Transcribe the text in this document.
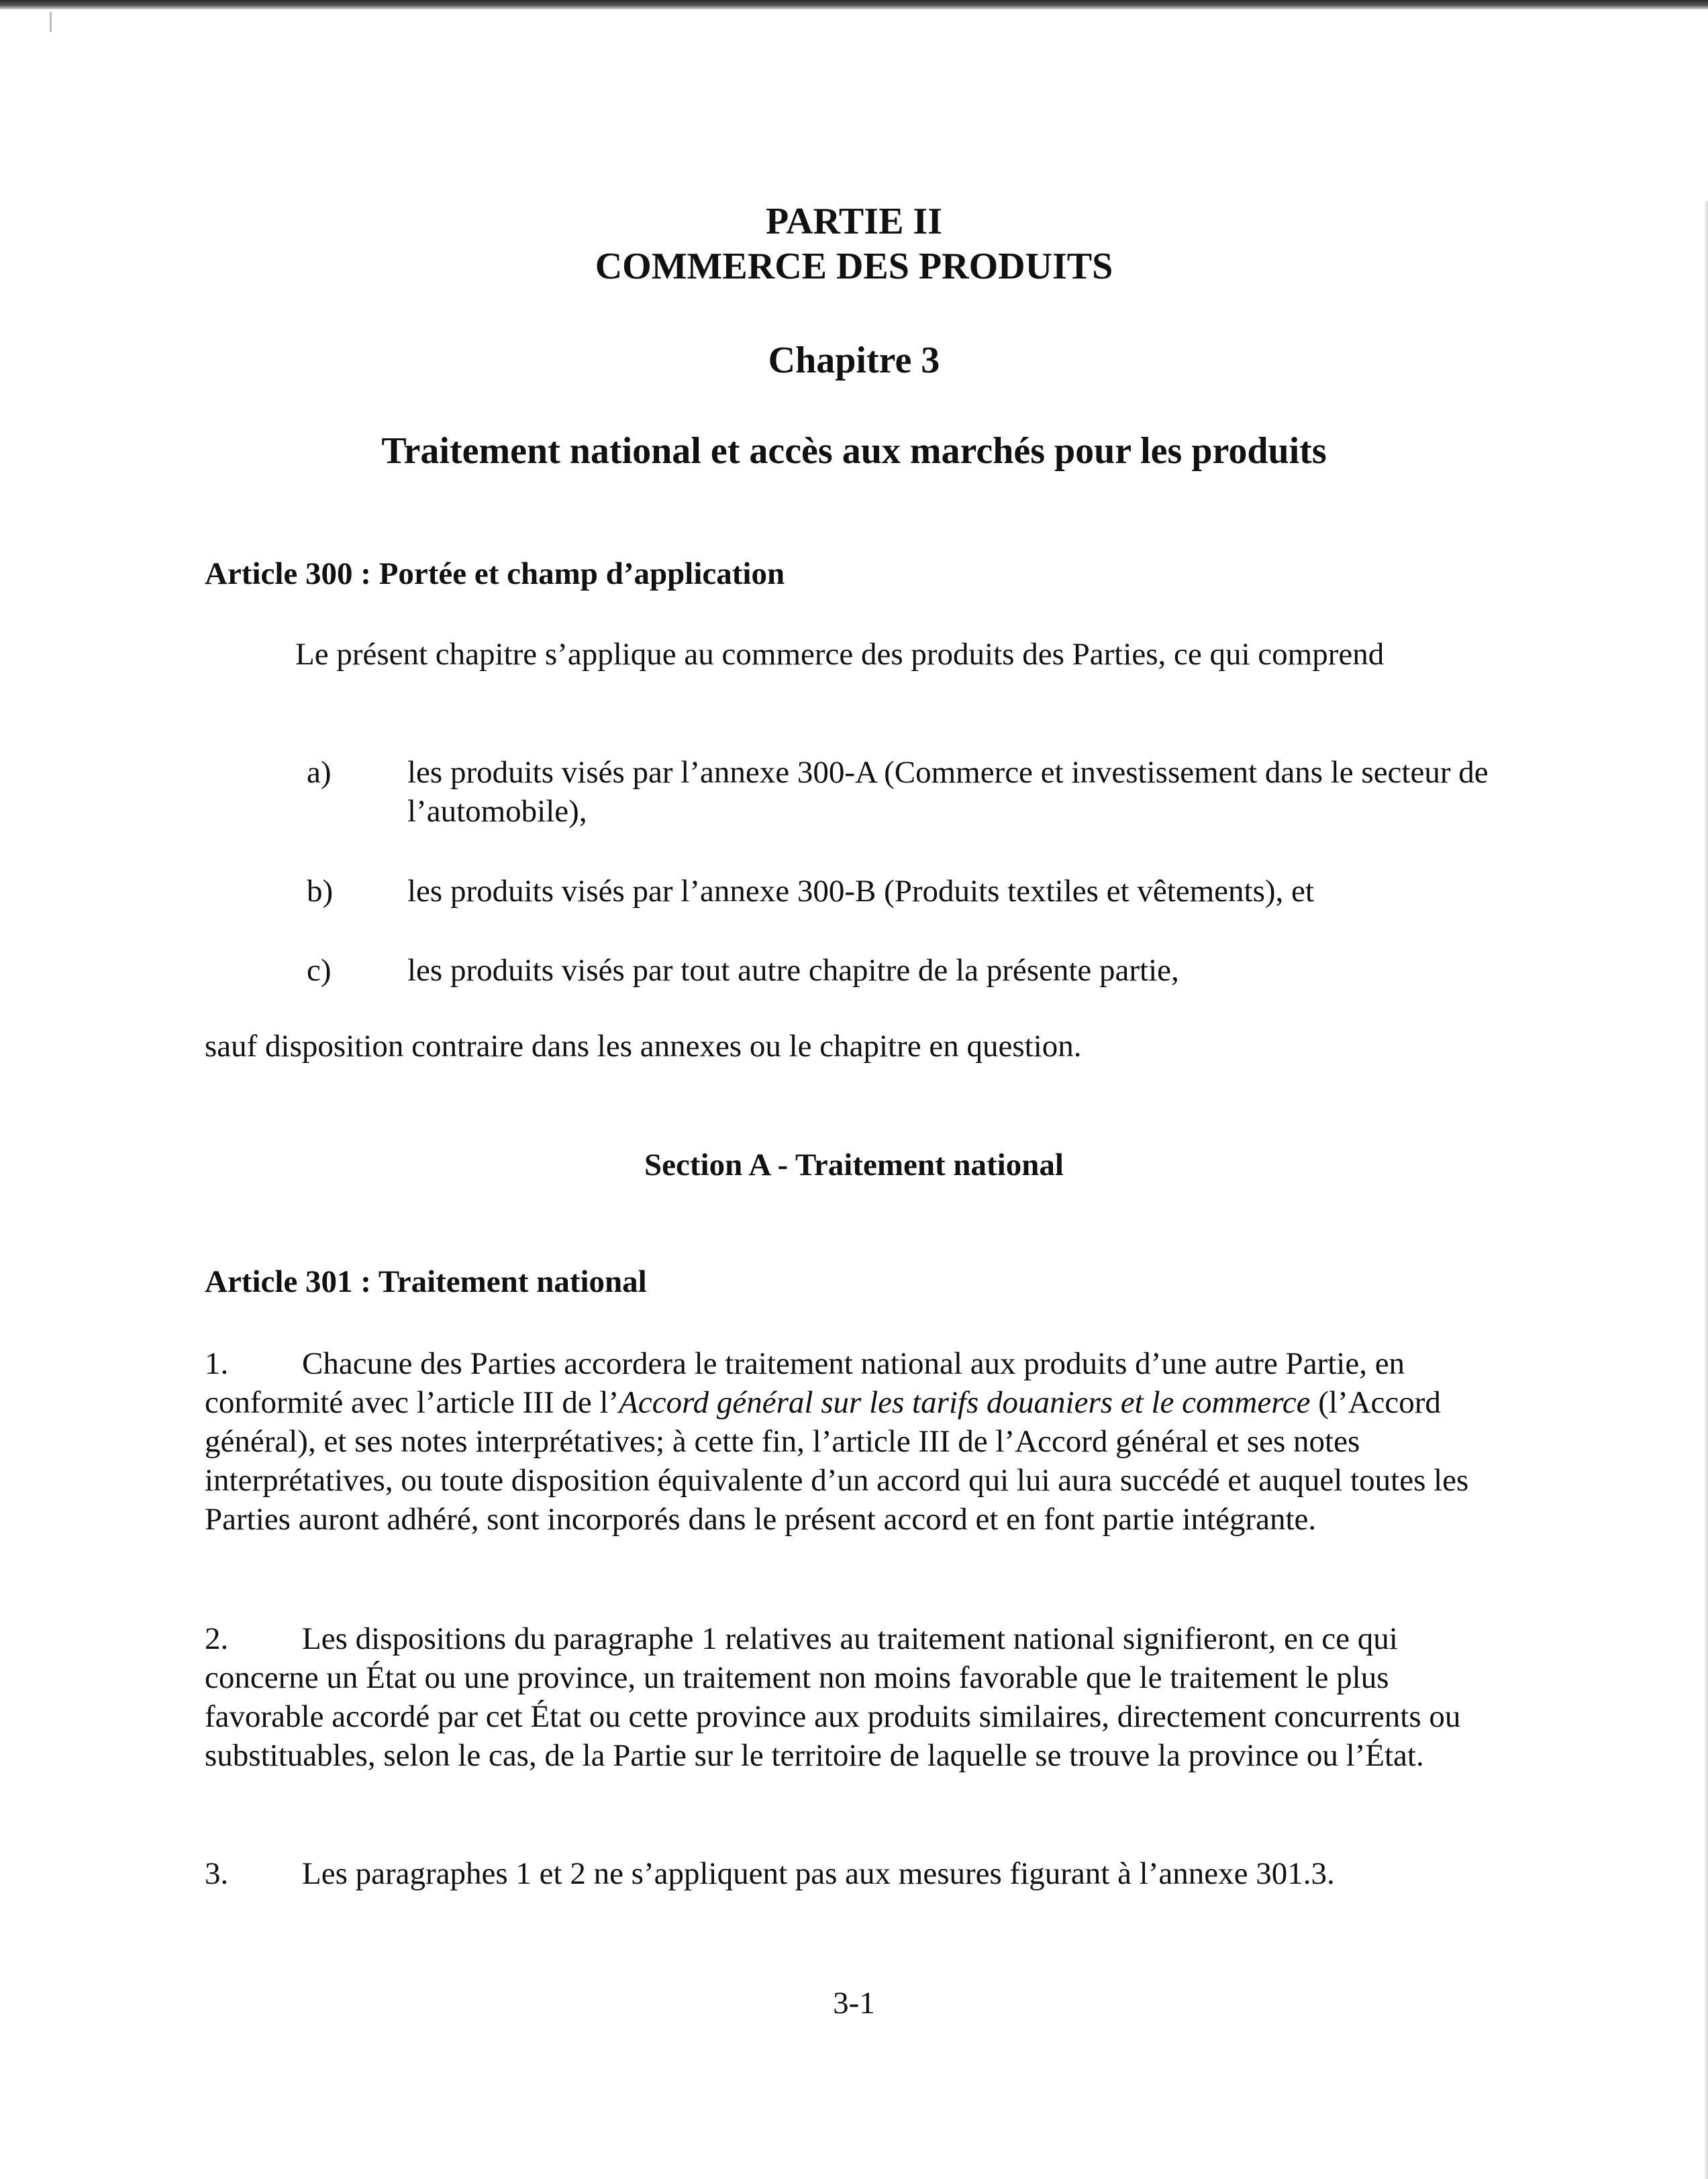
PARTIE II
COMMERCE DES PRODUITS
Chapitre 3
Traitement national et accès aux marchés pour les produits
Article 300 : Portée et champ d’application

Le présent chapitre s’applique au commerce des produits des Parties, ce qui comprend

a) les produits visés par l’annexe 300-A (Commerce et investissement dans le secteur de l’automobile),
b) les produits visés par l’annexe 300-B (Produits textiles et vêtements), et
c) les produits visés par tout autre chapitre de la présente partie,

sauf disposition contraire dans les annexes ou le chapitre en question.

Section A - Traitement national
Article 301 : Traitement national

1. Chacune des Parties accordera le traitement national aux produits d’une autre Partie, en conformité avec l’article III de l’Accord général sur les tarifs douaniers et le commerce (l’Accord général), et ses notes interprétatives; à cette fin, l’article III de l’Accord général et ses notes interprétatives, ou toute disposition équivalente d’un accord qui lui aura succédé et auquel toutes les Parties auront adhéré, sont incorporés dans le présent accord et en font partie intégrante.

2. Les dispositions du paragraphe 1 relatives au traitement national signifieront, en ce qui concerne un État ou une province, un traitement non moins favorable que le traitement le plus favorable accordé par cet État ou cette province aux produits similaires, directement concurrents ou substituables, selon le cas, de la Partie sur le territoire de laquelle se trouve la province ou l’État.

3. Les paragraphes 1 et 2 ne s’appliquent pas aux mesures figurant à l’annexe 301.3.

3-1
